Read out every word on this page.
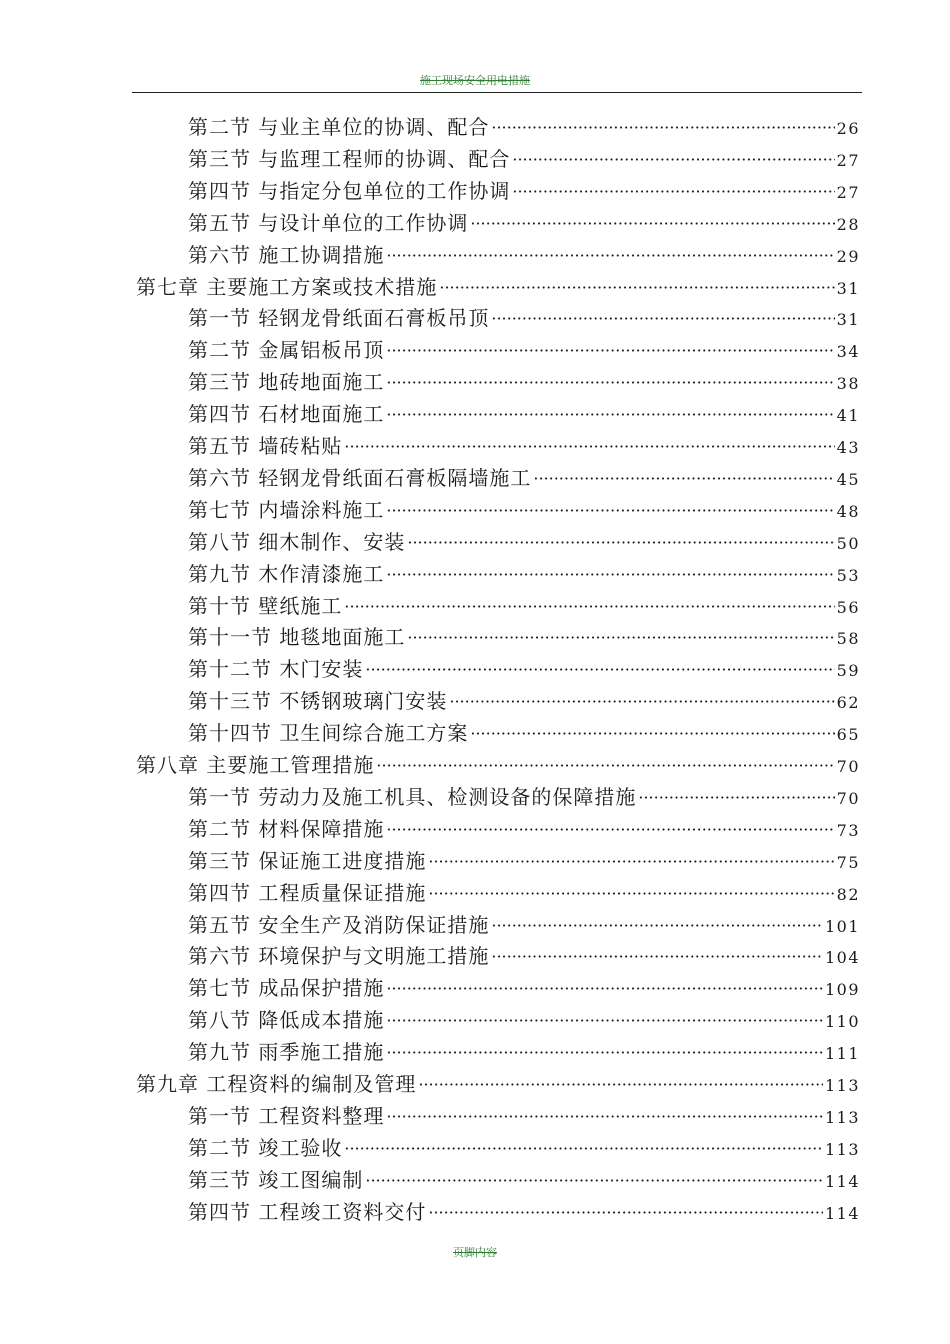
施工现场安全用电措施
第二节 与业主单位的协调、配合 ·····	26
第三节 与监理工程师的协调、配合 ·····	27
第四节 与指定分包单位的工作协调 ·····	27
第五节 与设计单位的工作协调 ·····	28
第六节 施工协调措施 ·····	29
第七章 主要施工方案或技术措施 ·····	31
第一节 轻钢龙骨纸面石膏板吊顶 ·····	31
第二节 金属铝板吊顶 ·····	34
第三节 地砖地面施工 ·····	38
第四节 石材地面施工 ·····	41
第五节 墙砖粘贴 ·····	43
第六节 轻钢龙骨纸面石膏板隔墙施工 ·····	45
第七节 内墙涂料施工 ·····	48
第八节 细木制作、安装 ·····	50
第九节 木作清漆施工 ·····	53
第十节 壁纸施工 ·····	56
第十一节 地毯地面施工 ·····	58
第十二节 木门安装 ·····	59
第十三节 不锈钢玻璃门安装 ·····	62
第十四节 卫生间综合施工方案 ·····	65
第八章 主要施工管理措施 ·····	70
第一节 劳动力及施工机具、检测设备的保障措施 ·····	70
第二节 材料保障措施 ·····	73
第三节 保证施工进度措施 ·····	75
第四节 工程质量保证措施 ·····	82
第五节 安全生产及消防保证措施 ·····	101
第六节 环境保护与文明施工措施 ·····	104
第七节 成品保护措施 ·····	109
第八节 降低成本措施 ·····	110
第九节 雨季施工措施 ·····	111
第九章 工程资料的编制及管理 ·····	113
第一节 工程资料整理 ·····	113
第二节 竣工验收 ·····	113
第三节 竣工图编制 ·····	114
第四节 工程竣工资料交付 ·····	114
页脚内容
